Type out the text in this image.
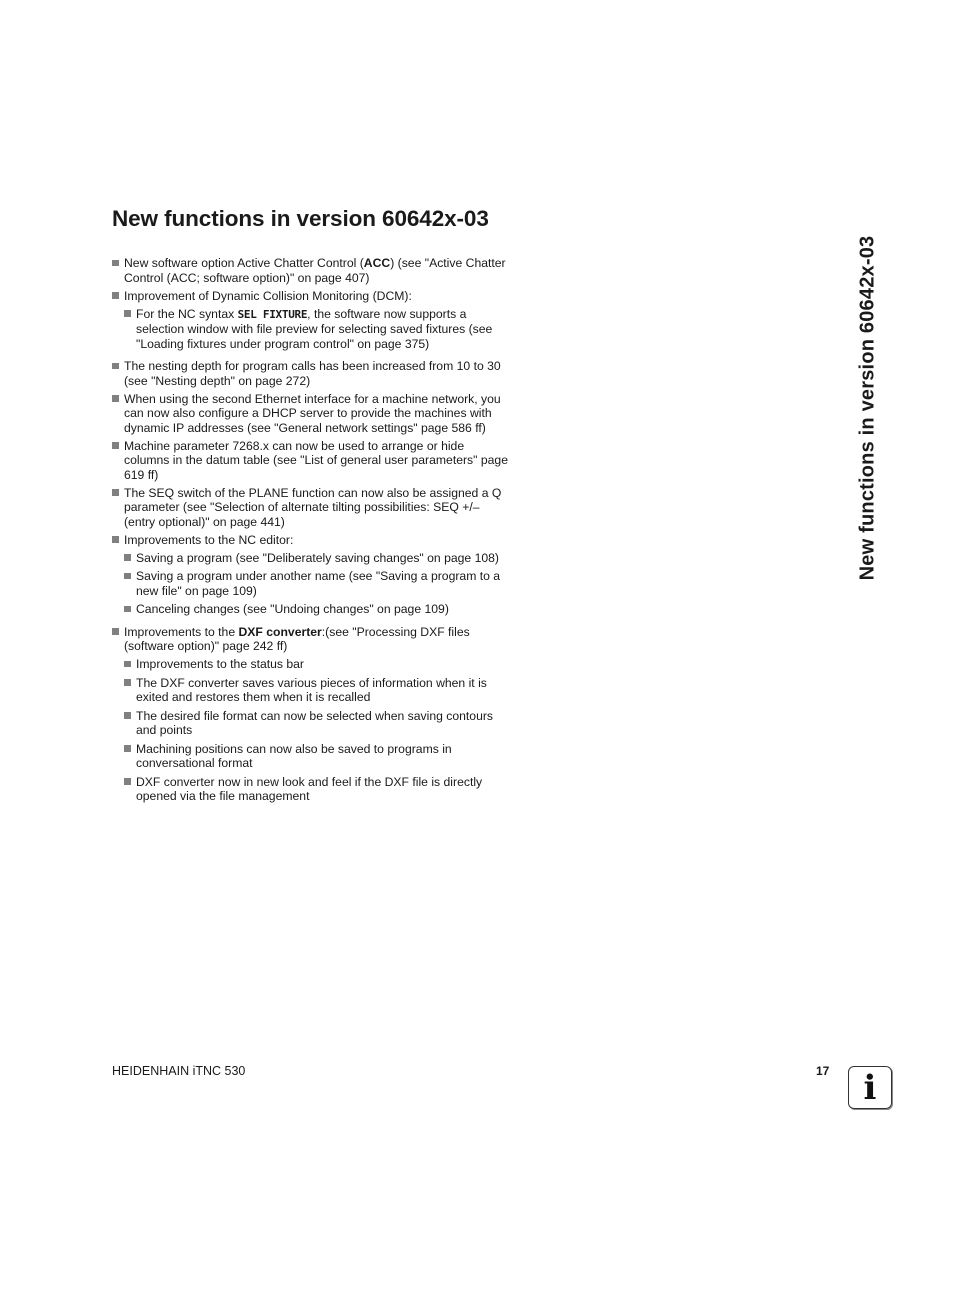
New functions in version 60642x-03
New functions in version 60642x-03
New software option Active Chatter Control (ACC) (see "Active Chatter Control (ACC; software option)" on page 407)
Improvement of Dynamic Collision Monitoring (DCM):
For the NC syntax SEL FIXTURE, the software now supports a selection window with file preview for selecting saved fixtures (see "Loading fixtures under program control" on page 375)
The nesting depth for program calls has been increased from 10 to 30 (see "Nesting depth" on page 272)
When using the second Ethernet interface for a machine network, you can now also configure a DHCP server to provide the machines with dynamic IP addresses (see "General network settings" page 586 ff)
Machine parameter 7268.x can now be used to arrange or hide columns in the datum table (see "List of general user parameters" page 619 ff)
The SEQ switch of the PLANE function can now also be assigned a Q parameter (see "Selection of alternate tilting possibilities: SEQ +/– (entry optional)" on page 441)
Improvements to the NC editor:
Saving a program (see "Deliberately saving changes" on page 108)
Saving a program under another name (see "Saving a program to a new file" on page 109)
Canceling changes (see "Undoing changes" on page 109)
Improvements to the DXF converter:(see "Processing DXF files (software option)" page 242 ff)
Improvements to the status bar
The DXF converter saves various pieces of information when it is exited and restores them when it is recalled
The desired file format can now be selected when saving contours and points
Machining positions can now also be saved to programs in conversational format
DXF converter now in new look and feel if the DXF file is directly opened via the file management
HEIDENHAIN iTNC 530	17	i
